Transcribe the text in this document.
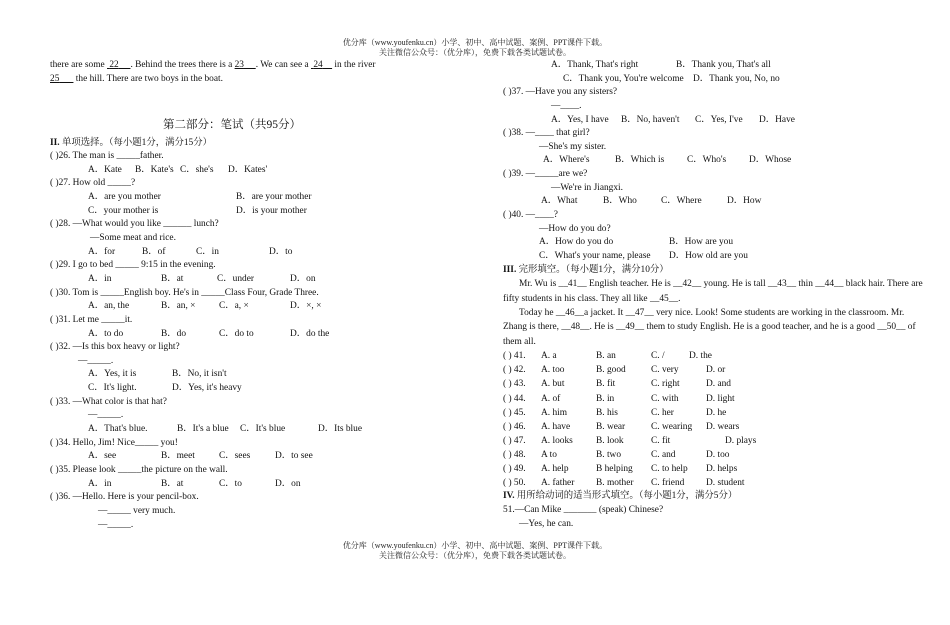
优分库（www.youfenku.cn）小学、初中、高中试题、案例、PPT课件下载。
关注微信公众号：（优分库），免费下载各类试题试卷。
there are some  22 . Behind the trees there is a 23 . We can see a  24     in the river
25       the hill. There are two boys in the boat.
第二部分：笔试（共95分）
II. 单项选择。（每小题1分，满分15分）
( )26. The man is _____father.
A．Kate B．Kate's C．she's D．Kates'
( )27. How old _____?
A．are you mother	B．are your mother
C．your mother is	D．is your mother
( )28. —What would you like ______ lunch?
—Some meat and rice.
A．for	B．of	C．in	D．to
( )29. I go to bed _____ 9:15 in the evening.
A．in	B．at	C．under	D．on
( )30. Tom is _____English boy. He's in _____Class Four, Grade Three.
A．an, the	B．an, ×	C．a, ×	D．×, ×
( )31. Let me _____it.
A．to do	B．do	C．do to	D．do the
( )32. —Is this box heavy or light?
—_____.
A．Yes, it is	B．No, it isn't
C．It's light.	D．Yes, it's heavy
( )33. —What color is that hat?
—_____.
A．That's blue.	B．It's a blue C．It's blue	D．Its blue
( )34. Hello, Jim! Nice_____ you!
A．see	B．meet	C．sees	D．to see
( )35. Please look _____the picture on the wall.
A．in	B．at	C．to	D．on
( )36. —Hello. Here is your pencil-box.
—_____ very much.
—_____.
A．Thank, That's right	B．Thank you, That's all
C．Thank you, You're welcome D．Thank you, No, no
( )37. —Have you any sisters?
—____.
A．Yes, I have B．No, haven't C．Yes, I've D．Have
( )38. —____ that girl?
—She's my sister.
A．Where's	B．Which is C．Who's D．Whose
( )39. —_____are we?
—We're in Jiangxi.
A．What	B．Who	C．Where	D．How
( )40. —____?
—How do you do?
A．How do you do	B．How are you
C．What's your name, please D．How old are you
III. 完形填空。（每小题1分，满分10分）
Mr. Wu is __41__ English teacher. He is __42__ young. He is tall __43__ thin __44__ black hair. There are fifty students in his class. They all like __45__.
Today he __46__a jacket. It __47__ very nice. Look! Some students are working in the classroom. Mr. Zhang is there, __48__. He is __49__ them to study English. He is a good teacher, and he is a good __50__ of them all.
( ) 41. A. a	B. an	C. /	D. the
( ) 42. A. too	B. good	C. very	D. or
( ) 43. A. but	B. fit	C. right	D. and
( ) 44. A. of	B. in	C. with	D. light
( ) 45. A. him	B. his	C. her	D. he
( ) 46. A. have	B. wear	C. wearing D. wears
( ) 47. A. looks B. look	C. fit	D. plays
( ) 48. A to	B. two	C. and	D. too
( ) 49. A. help	B helping C. to help D. helps
( ) 50. A. father B. mother C. friend D. student
IV. 用所给动词的适当形式填空。（每小题1分，满分5分）
51.—Can Mike _______ (speak) Chinese?
—Yes, he can.
优分库（www.youfenku.cn）小学、初中、高中试题、案例、PPT课件下载。
关注微信公众号：（优分库），免费下载各类试题试卷。
